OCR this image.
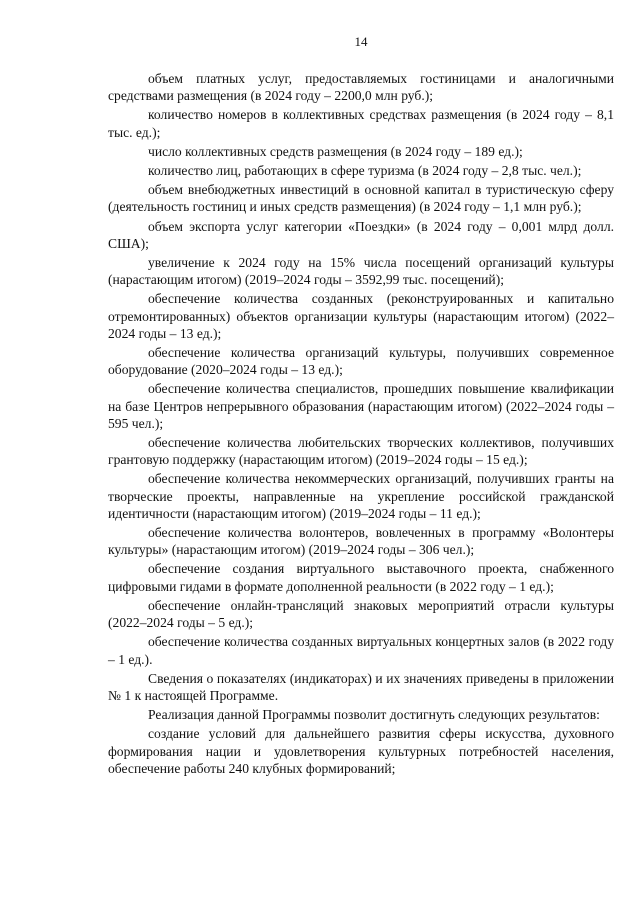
14

объем платных услуг, предоставляемых гостиницами и аналогичными средствами размещения (в 2024 году – 2200,0 млн руб.);

количество номеров в коллективных средствах размещения (в 2024 году – 8,1 тыс. ед.);

число коллективных средств размещения (в 2024 году – 189 ед.);

количество лиц, работающих в сфере туризма (в 2024 году – 2,8 тыс. чел.);

объем внебюджетных инвестиций в основной капитал в туристическую сферу (деятельность гостиниц и иных средств размещения) (в 2024 году – 1,1 млн руб.);

объем экспорта услуг категории «Поездки» (в 2024 году – 0,001 млрд долл. США);

увеличение к 2024 году на 15% числа посещений организаций культуры (нарастающим итогом) (2019–2024 годы – 3592,99 тыс. посещений);

обеспечение количества созданных (реконструированных и капитально отремонтированных) объектов организации культуры (нарастающим итогом) (2022–2024 годы – 13 ед.);

обеспечение количества организаций культуры, получивших современное оборудование (2020–2024 годы – 13 ед.);

обеспечение количества специалистов, прошедших повышение квалификации на базе Центров непрерывного образования (нарастающим итогом) (2022–2024 годы – 595 чел.);

обеспечение количества любительских творческих коллективов, получивших грантовую поддержку (нарастающим итогом) (2019–2024 годы – 15 ед.);

обеспечение количества некоммерческих организаций, получивших гранты на творческие проекты, направленные на укрепление российской гражданской идентичности (нарастающим итогом) (2019–2024 годы – 11 ед.);

обеспечение количества волонтеров, вовлеченных в программу «Волонтеры культуры» (нарастающим итогом) (2019–2024 годы – 306 чел.);

обеспечение создания виртуального выставочного проекта, снабженного цифровыми гидами в формате дополненной реальности (в 2022 году – 1 ед.);

обеспечение онлайн-трансляций знаковых мероприятий отрасли культуры (2022–2024 годы – 5 ед.);

обеспечение количества созданных виртуальных концертных залов (в 2022 году – 1 ед.).

Сведения о показателях (индикаторах) и их значениях приведены в приложении № 1 к настоящей Программе.

Реализация данной Программы позволит достигнуть следующих результатов:

создание условий для дальнейшего развития сферы искусства, духовного формирования нации и удовлетворения культурных потребностей населения, обеспечение работы 240 клубных формирований;
